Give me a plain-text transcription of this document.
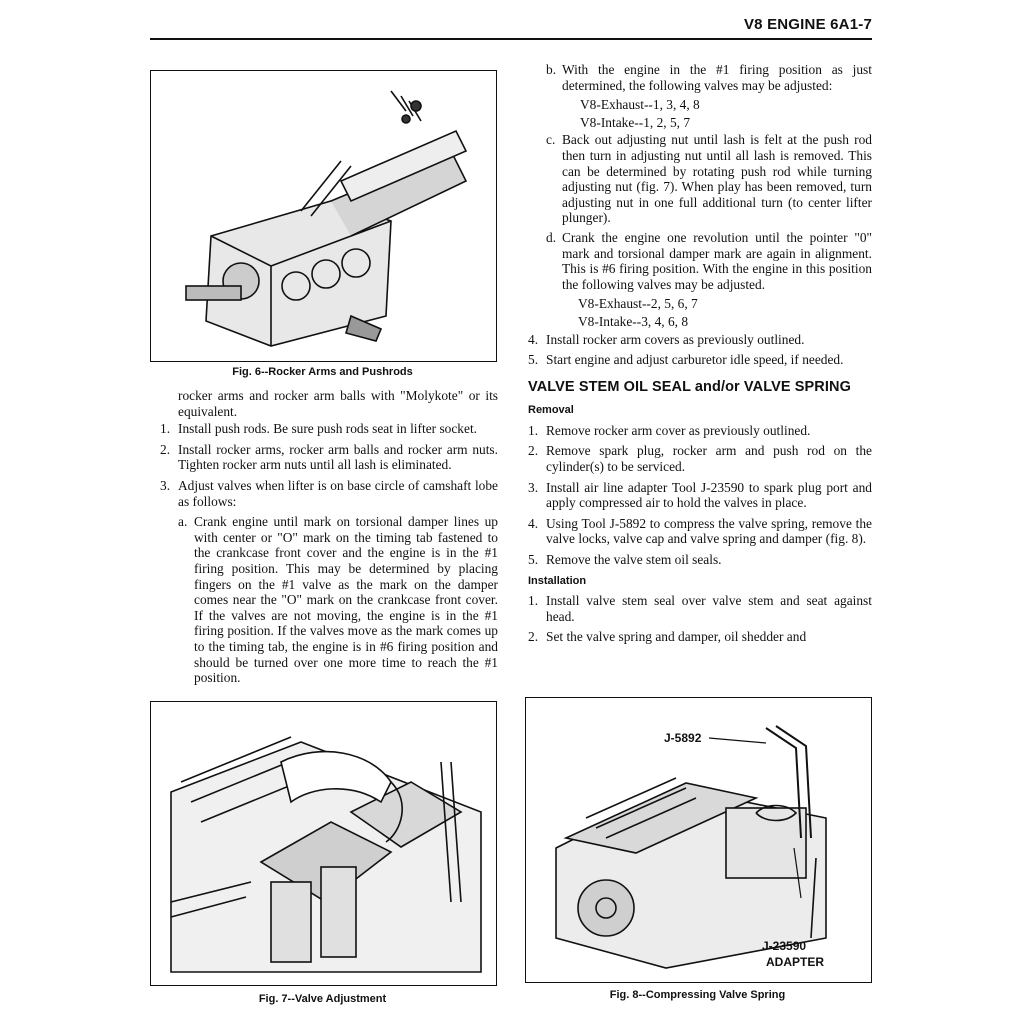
V8 ENGINE 6A1-7
Fig. 6--Rocker Arms and Pushrods

rocker arms and rocker arm balls with "Molykote" or its equivalent.

1. Install push rods. Be sure push rods seat in lifter socket.
2. Install rocker arms, rocker arm balls and rocker arm nuts. Tighten rocker arm nuts until all lash is eliminated.
3. Adjust valves when lifter is on base circle of camshaft lobe as follows:
a. Crank engine until mark on torsional damper lines up with center or "O" mark on the timing tab fastened to the crankcase front cover and the engine is in the #1 firing position. This may be determined by placing fingers on the #1 valve as the mark on the damper comes near the "O" mark on the crankcase front cover. If the valves are not moving, the engine is in the #1 firing position. If the valves move as the mark comes up to the timing tab, the engine is in #6 firing position and should be turned over one more time to reach the #1 position.
b. With the engine in the #1 firing position as just determined, the following valves may be adjusted:

V8-Exhaust--1, 3, 4, 8

V8-Intake--1, 2, 5, 7

c. Back out adjusting nut until lash is felt at the push rod then turn in adjusting nut until all lash is removed. This can be determined by rotating push rod while turning adjusting nut (fig. 7). When play has been removed, turn adjusting nut in one full additional turn (to center lifter plunger).
d. Crank the engine one revolution until the pointer "0" mark and torsional damper mark are again in alignment. This is #6 firing position. With the engine in this position the following valves may be adjusted.

V8-Exhaust--2, 5, 6, 7

V8-Intake--3, 4, 6, 8

4. Install rocker arm covers as previously outlined.
5. Start engine and adjust carburetor idle speed, if needed.
VALVE STEM OIL SEAL and/or VALVE SPRING
Removal
1. Remove rocker arm cover as previously outlined.
2. Remove spark plug, rocker arm and push rod on the cylinder(s) to be serviced.
3. Install air line adapter Tool J-23590 to spark plug port and apply compressed air to hold the valves in place.
4. Using Tool J-5892 to compress the valve spring, remove the valve locks, valve cap and valve spring and damper (fig. 8).
5. Remove the valve stem oil seals.
Installation
1. Install valve stem seal over valve stem and seat against head.
2. Set the valve spring and damper, oil shedder and
Fig. 7--Valve Adjustment
J-5892
J-23590
ADAPTER
Fig. 8--Compressing Valve Spring
